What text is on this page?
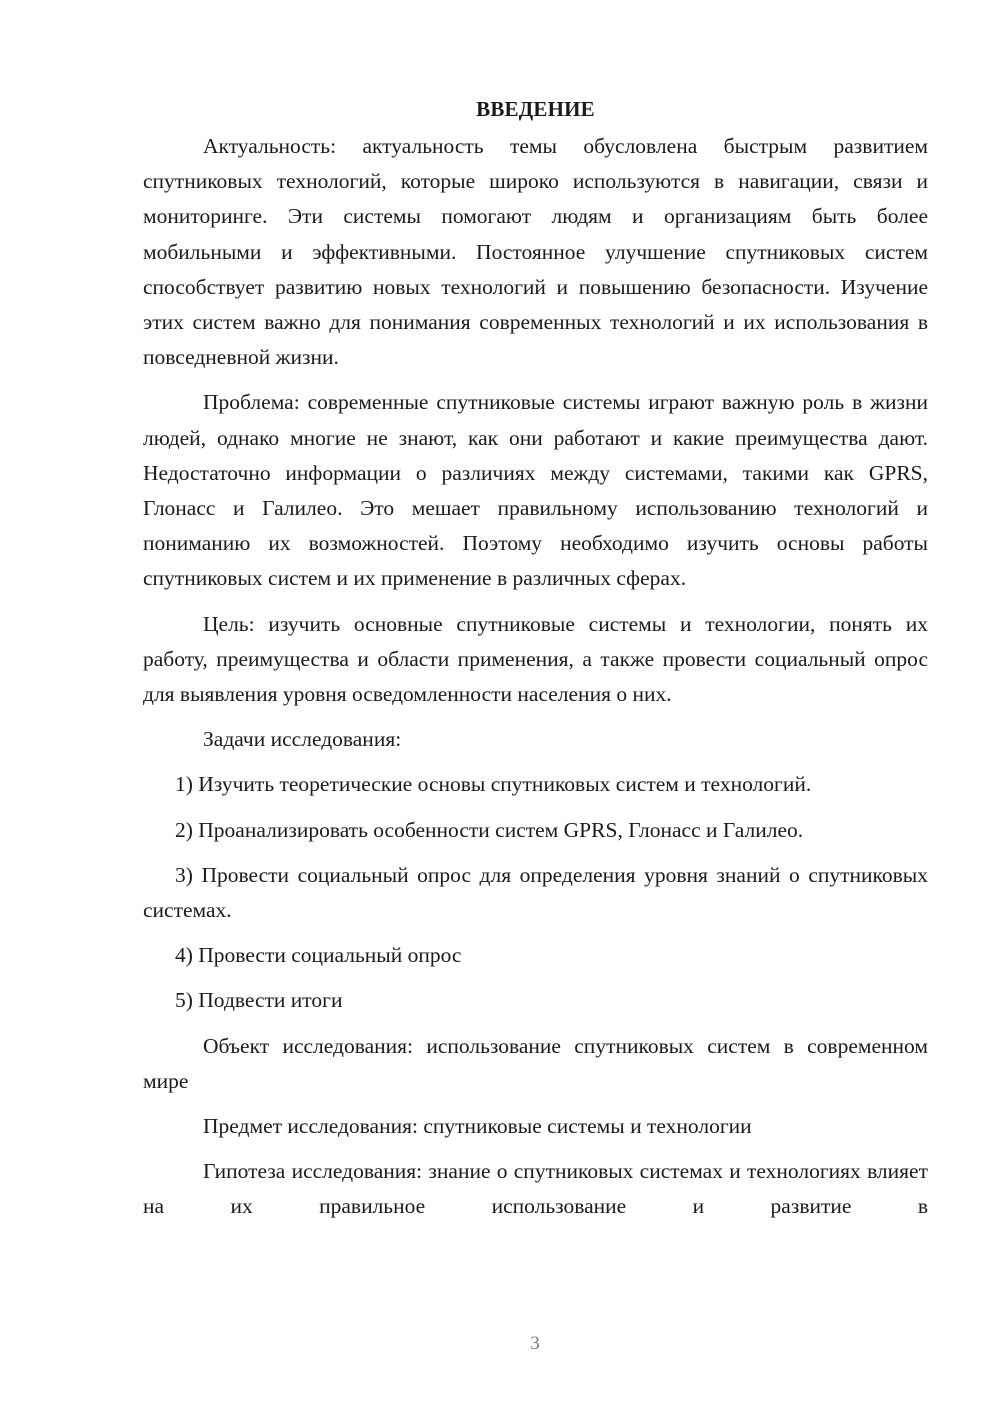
ВВЕДЕНИЕ

Актуальность: актуальность темы обусловлена быстрым развитием спутниковых технологий, которые широко используются в навигации, связи и мониторинге. Эти системы помогают людям и организациям быть более мобильными и эффективными. Постоянное улучшение спутниковых систем способствует развитию новых технологий и повышению безопасности. Изучение этих систем важно для понимания современных технологий и их использования в повседневной жизни.

Проблема: современные спутниковые системы играют важную роль в жизни людей, однако многие не знают, как они работают и какие преимущества дают. Недостаточно информации о различиях между системами, такими как GPRS, Глонасс и Галилео. Это мешает правильному использованию технологий и пониманию их возможностей. Поэтому необходимо изучить основы работы спутниковых систем и их применение в различных сферах.

Цель: изучить основные спутниковые системы и технологии, понять их работу, преимущества и области применения, а также провести социальный опрос для выявления уровня осведомленности населения о них.

Задачи исследования:

1) Изучить теоретические основы спутниковых систем и технологий.

2) Проанализировать особенности систем GPRS, Глонасс и Галилео.

3) Провести социальный опрос для определения уровня знаний о спутниковых системах.

4) Провести социальный опрос

5) Подвести итоги

Объект исследования: использование спутниковых систем в современном мире

Предмет исследования: спутниковые системы и технологии

Гипотеза исследования: знание о спутниковых системах и технологиях влияет на их правильное использование и развитие в

3
